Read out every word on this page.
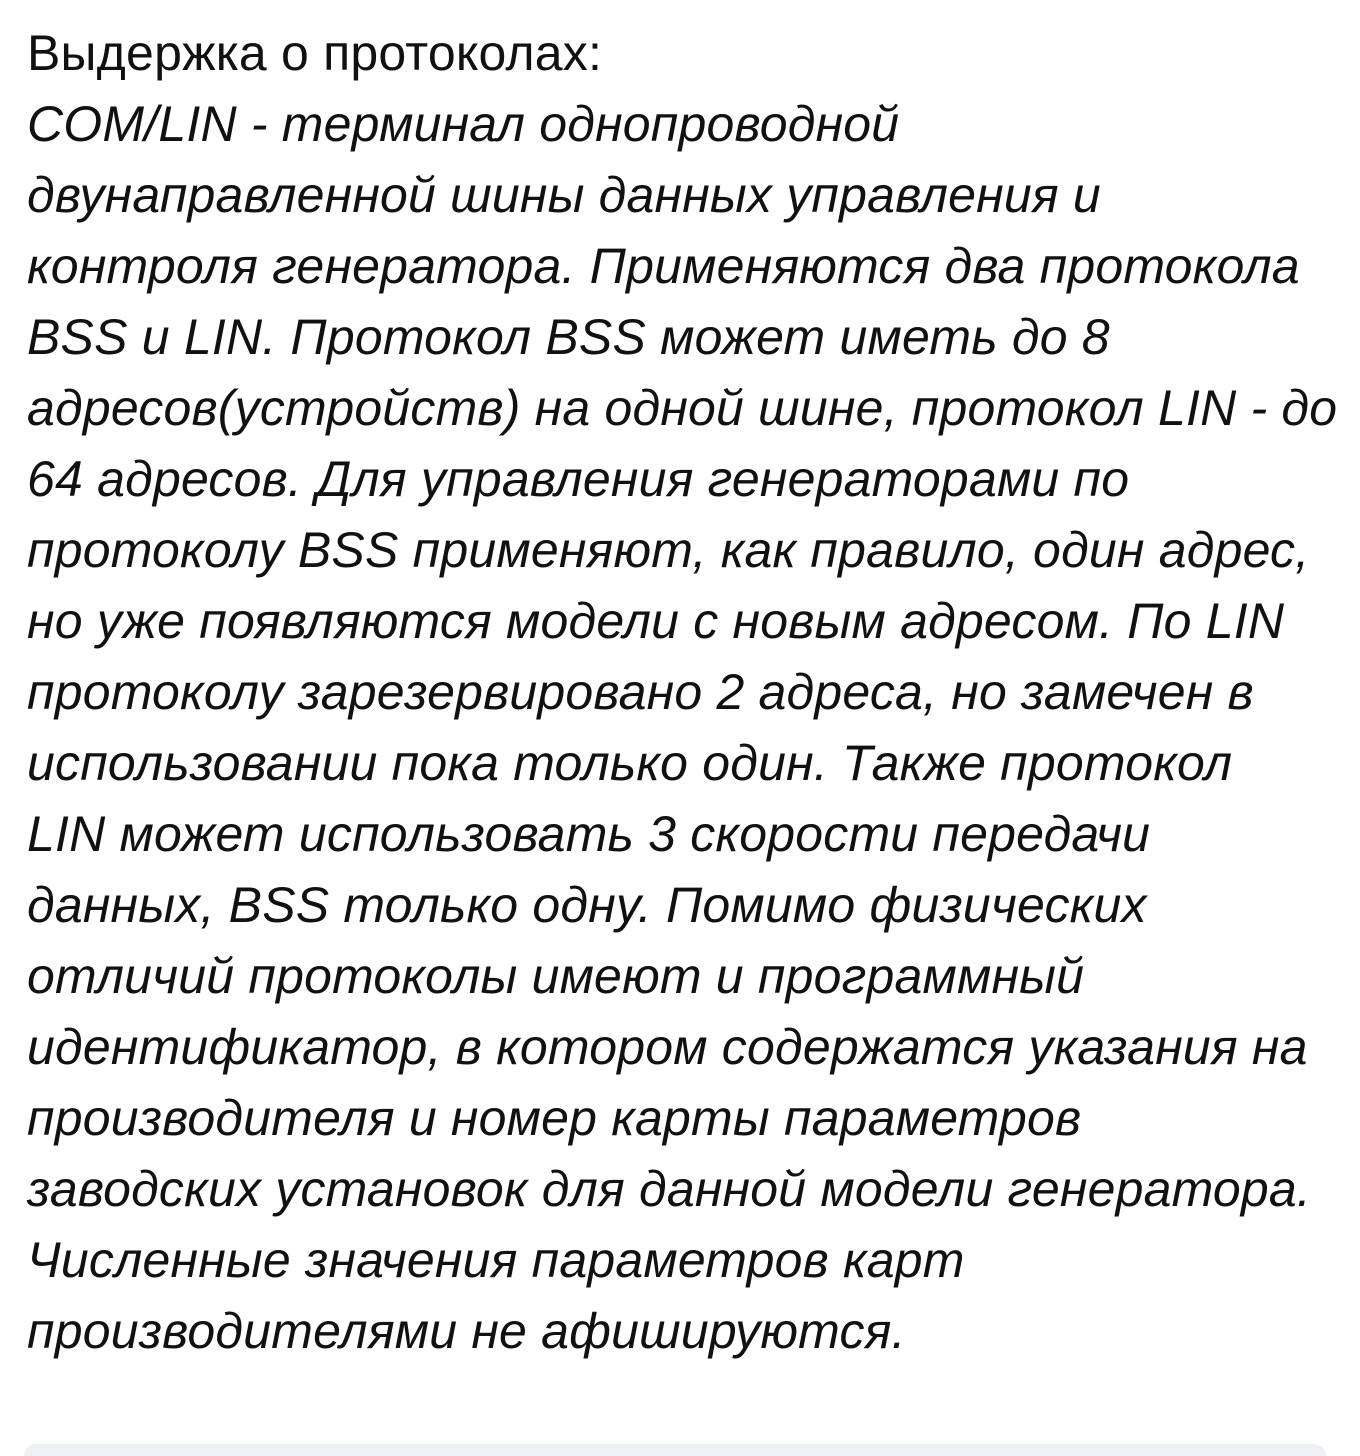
Выдержка о протоколах:
COM/LIN - терминал однопроводной
двунаправленной шины данных управления и
контроля генератора. Применяются два протокола
BSS и LIN. Протокол BSS может иметь до 8
адресов(устройств) на одной шине, протокол LIN - до
64 адресов. Для управления генераторами по
протоколу BSS применяют, как правило, один адрес,
но уже появляются модели с новым адресом. По LIN
протоколу зарезервировано 2 адреса, но замечен в
использовании пока только один. Также протокол
LIN может использовать 3 скорости передачи
данных, BSS только одну. Помимо физических
отличий протоколы имеют и программный
идентификатор, в котором содержатся указания на
производителя и номер карты параметров
заводских установок для данной модели генератора.
Численные значения параметров карт
производителями не афишируются.
